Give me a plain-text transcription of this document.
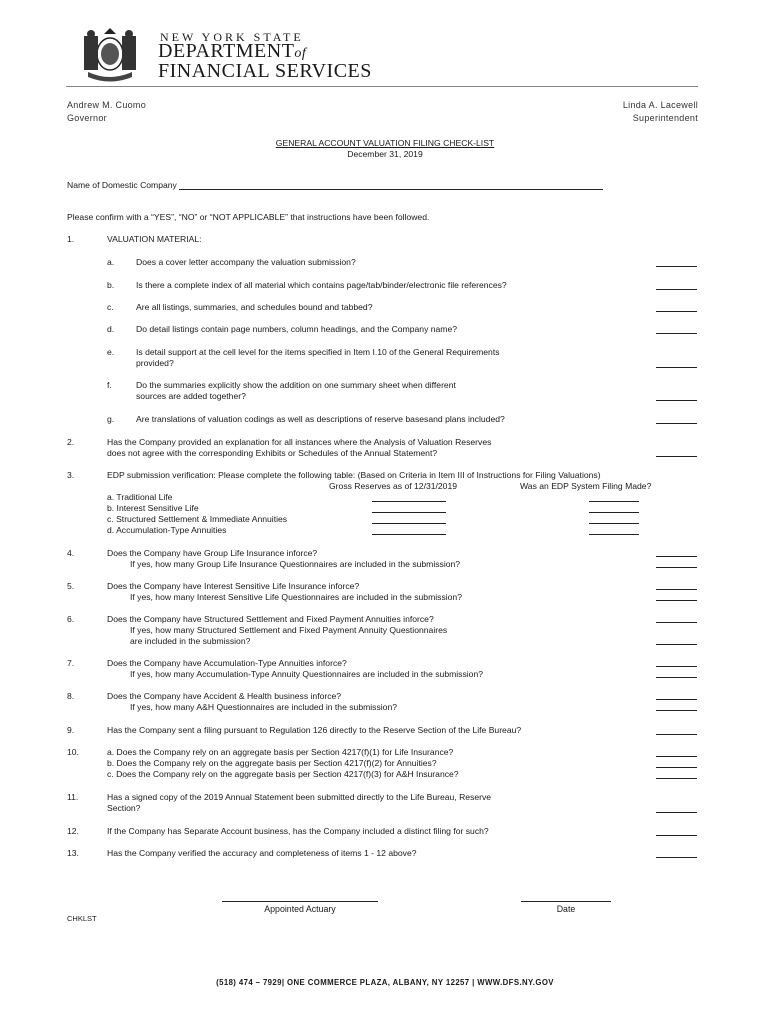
NEW YORK STATE
DEPARTMENTof
FINANCIAL SERVICES
Andrew M. Cuomo
Governor
Linda A. Lacewell
Superintendent
GENERAL ACCOUNT VALUATION FILING CHECK-LIST
December 31, 2019
Name of Domestic Company
Please confirm with a “YES”, “NO” or “NOT APPLICABLE” that instructions have been followed.
1.	VALUATION MATERIAL:
a.	Does a cover letter accompany the valuation submission?
b.	Is there a complete index of all material which contains page/tab/binder/electronic file references?
c.	Are all listings, summaries, and schedules bound and tabbed?
d.	Do detail listings contain page numbers, column headings, and the Company name?
e.	Is detail support at the cell level for the items specified in Item I.10 of the General Requirements
provided?
f.	Do the summaries explicitly show the addition on one summary sheet when different
sources are added together?
g.	Are translations of valuation codings as well as descriptions of reserve basesand plans included?
2.	Has the Company provided an explanation for all instances where the Analysis of Valuation Reserves
does not agree with the corresponding Exhibits or Schedules of the Annual Statement?
3.	EDP submission verification: Please complete the following table: (Based on Criteria in Item III of Instructions for Filing Valuations)
Gross Reserves as of 12/31/2019	Was an EDP System Filing Made?
a. Traditional Life
b. Interest Sensitive Life
c. Structured Settlement & Immediate Annuities
d. Accumulation-Type Annuities
4.	Does the Company have Group Life Insurance inforce?
If yes, how many Group Life Insurance Questionnaires are included in the submission?
5.	Does the Company have Interest Sensitive Life Insurance inforce?
If yes, how many Interest Sensitive Life Questionnaires are included in the submission?
6.	Does the Company have Structured Settlement and Fixed Payment Annuities inforce?
If yes, how many Structured Settlement and Fixed Payment Annuity Questionnaires
are included in the submission?
7.	Does the Company have Accumulation-Type Annuities inforce?
If yes, how many Accumulation-Type Annuity Questionnaires are included in the submission?
8.	Does the Company have Accident & Health business inforce?
If yes, how many A&H Questionnaires are included in the submission?
9.	Has the Company sent a filing pursuant to Regulation 126 directly to the Reserve Section of the Life Bureau?
10.	a. Does the Company rely on an aggregate basis per Section 4217(f)(1) for Life Insurance?
b. Does the Company rely on the aggregate basis per Section 4217(f)(2) for Annuities?
c. Does the Company rely on the aggregate basis per Section 4217(f)(3) for A&H Insurance?
11.	Has a signed copy of the 2019 Annual Statement been submitted directly to the Life Bureau, Reserve
Section?
12.	If the Company has Separate Account business, has the Company included a distinct filing for such?
13.	Has the Company verified the accuracy and completeness of items 1 - 12 above?
Appointed Actuary	Date
CHKLST
(518) 474 – 7929| ONE COMMERCE PLAZA, ALBANY, NY 12257 | WWW.DFS.NY.GOV
